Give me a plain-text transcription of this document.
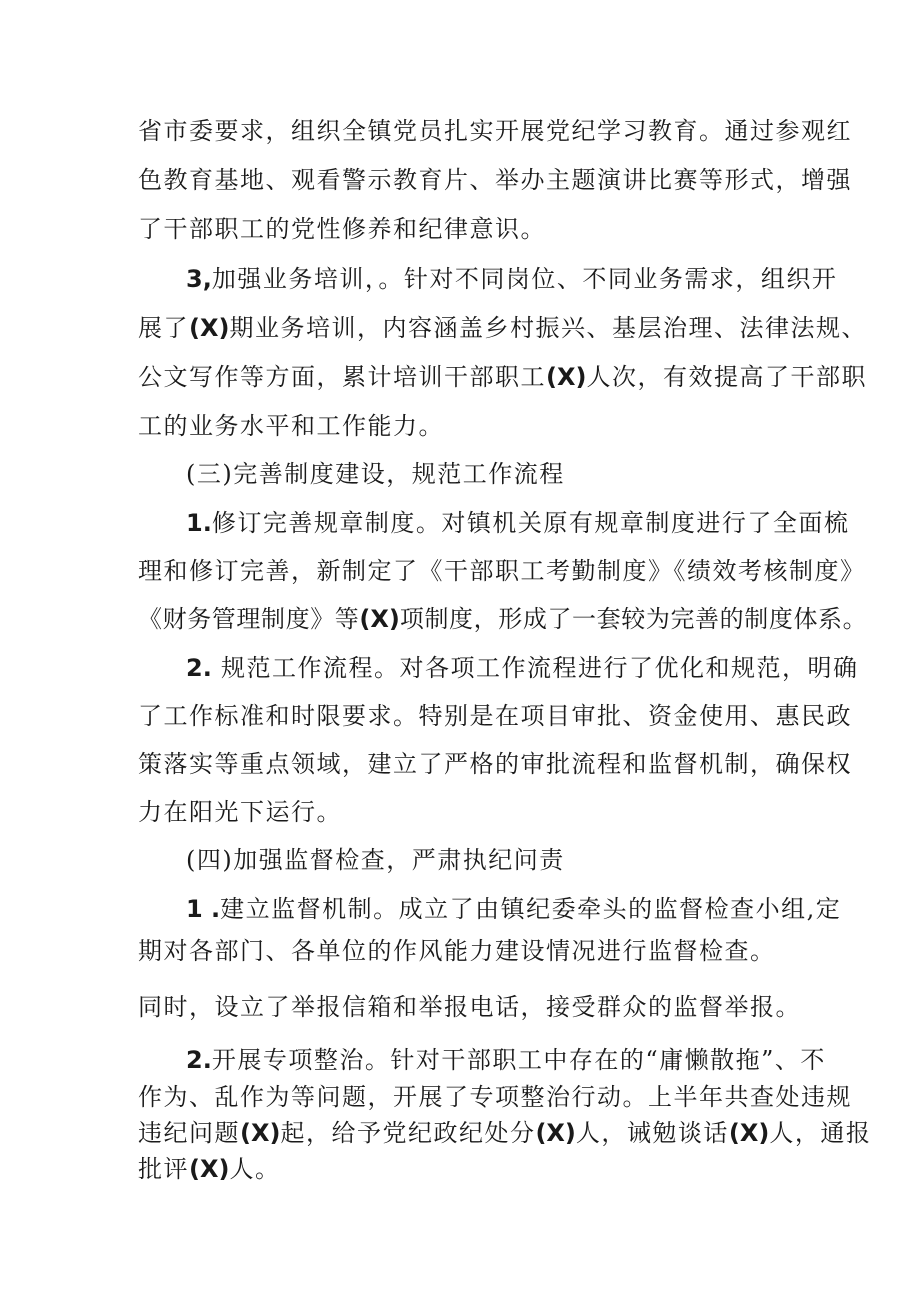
省市委要求，组织全镇党员扎实开展党纪学习教育。通过参观红
色教育基地、观看警示教育片、举办主题演讲比赛等形式，增强
了干部职工的党性修养和纪律意识。
3,加强业务培训，。针对不同岗位、不同业务需求，组织开
展了(X)期业务培训，内容涵盖乡村振兴、基层治理、法律法规、
公文写作等方面，累计培训干部职工(X)人次，有效提高了干部职
工的业务水平和工作能力。
(三)完善制度建设，规范工作流程
1.修订完善规章制度。对镇机关原有规章制度进行了全面梳
理和修订完善，新制定了《干部职工考勤制度》《绩效考核制度》
《财务管理制度》等(X)项制度，形成了一套较为完善的制度体系。
2. 规范工作流程。对各项工作流程进行了优化和规范，明确
了工作标准和时限要求。特别是在项目审批、资金使用、惠民政
策落实等重点领域，建立了严格的审批流程和监督机制，确保权
力在阳光下运行。
(四)加强监督检查，严肃执纪问责
1 .建立监督机制。成立了由镇纪委牵头的监督检查小组,定
期对各部门、各单位的作风能力建设情况进行监督检查。
同时，设立了举报信箱和举报电话，接受群众的监督举报。
2.开展专项整治。针对干部职工中存在的“庸懒散拖”、不
作为、乱作为等问题，开展了专项整治行动。上半年共查处违规
违纪问题(X)起，给予党纪政纪处分(X)人，诫勉谈话(X)人，通报
批评(X)人。
